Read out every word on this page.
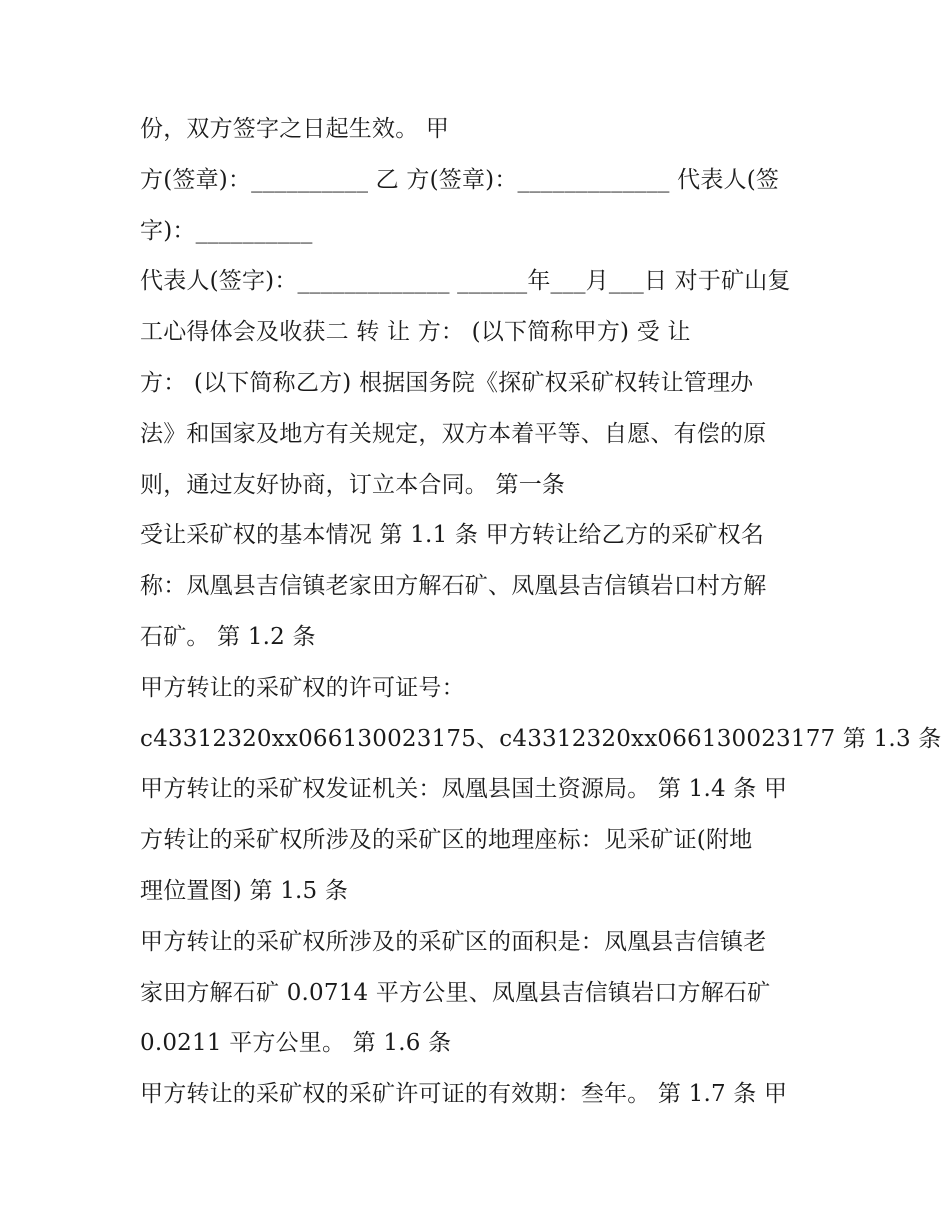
份，双方签字之日起生效。 甲
方(签章)：__________ 乙 方(签章)：_____________ 代表人(签
字)：__________
代表人(签字)：_____________ ______年___月___日 对于矿山复
工心得体会及收获二 转 让 方： (以下简称甲方) 受 让
方： (以下简称乙方) 根据国务院《探矿权采矿权转让管理办
法》和国家及地方有关规定，双方本着平等、自愿、有偿的原
则，通过友好协商，订立本合同。 第一条
受让采矿权的基本情况 第 1.1 条 甲方转让给乙方的采矿权名
称：凤凰县吉信镇老家田方解石矿、凤凰县吉信镇岩口村方解
石矿。 第 1.2 条
甲方转让的采矿权的许可证号：
c43312320xx066130023175、c43312320xx066130023177 第 1.3 条
甲方转让的采矿权发证机关：凤凰县国土资源局。 第 1.4 条 甲
方转让的采矿权所涉及的采矿区的地理座标：见采矿证(附地
理位置图) 第 1.5 条
甲方转让的采矿权所涉及的采矿区的面积是：凤凰县吉信镇老
家田方解石矿 0.0714 平方公里、凤凰县吉信镇岩口方解石矿
0.0211 平方公里。 第 1.6 条
甲方转让的采矿权的采矿许可证的有效期：叁年。 第 1.7 条 甲
